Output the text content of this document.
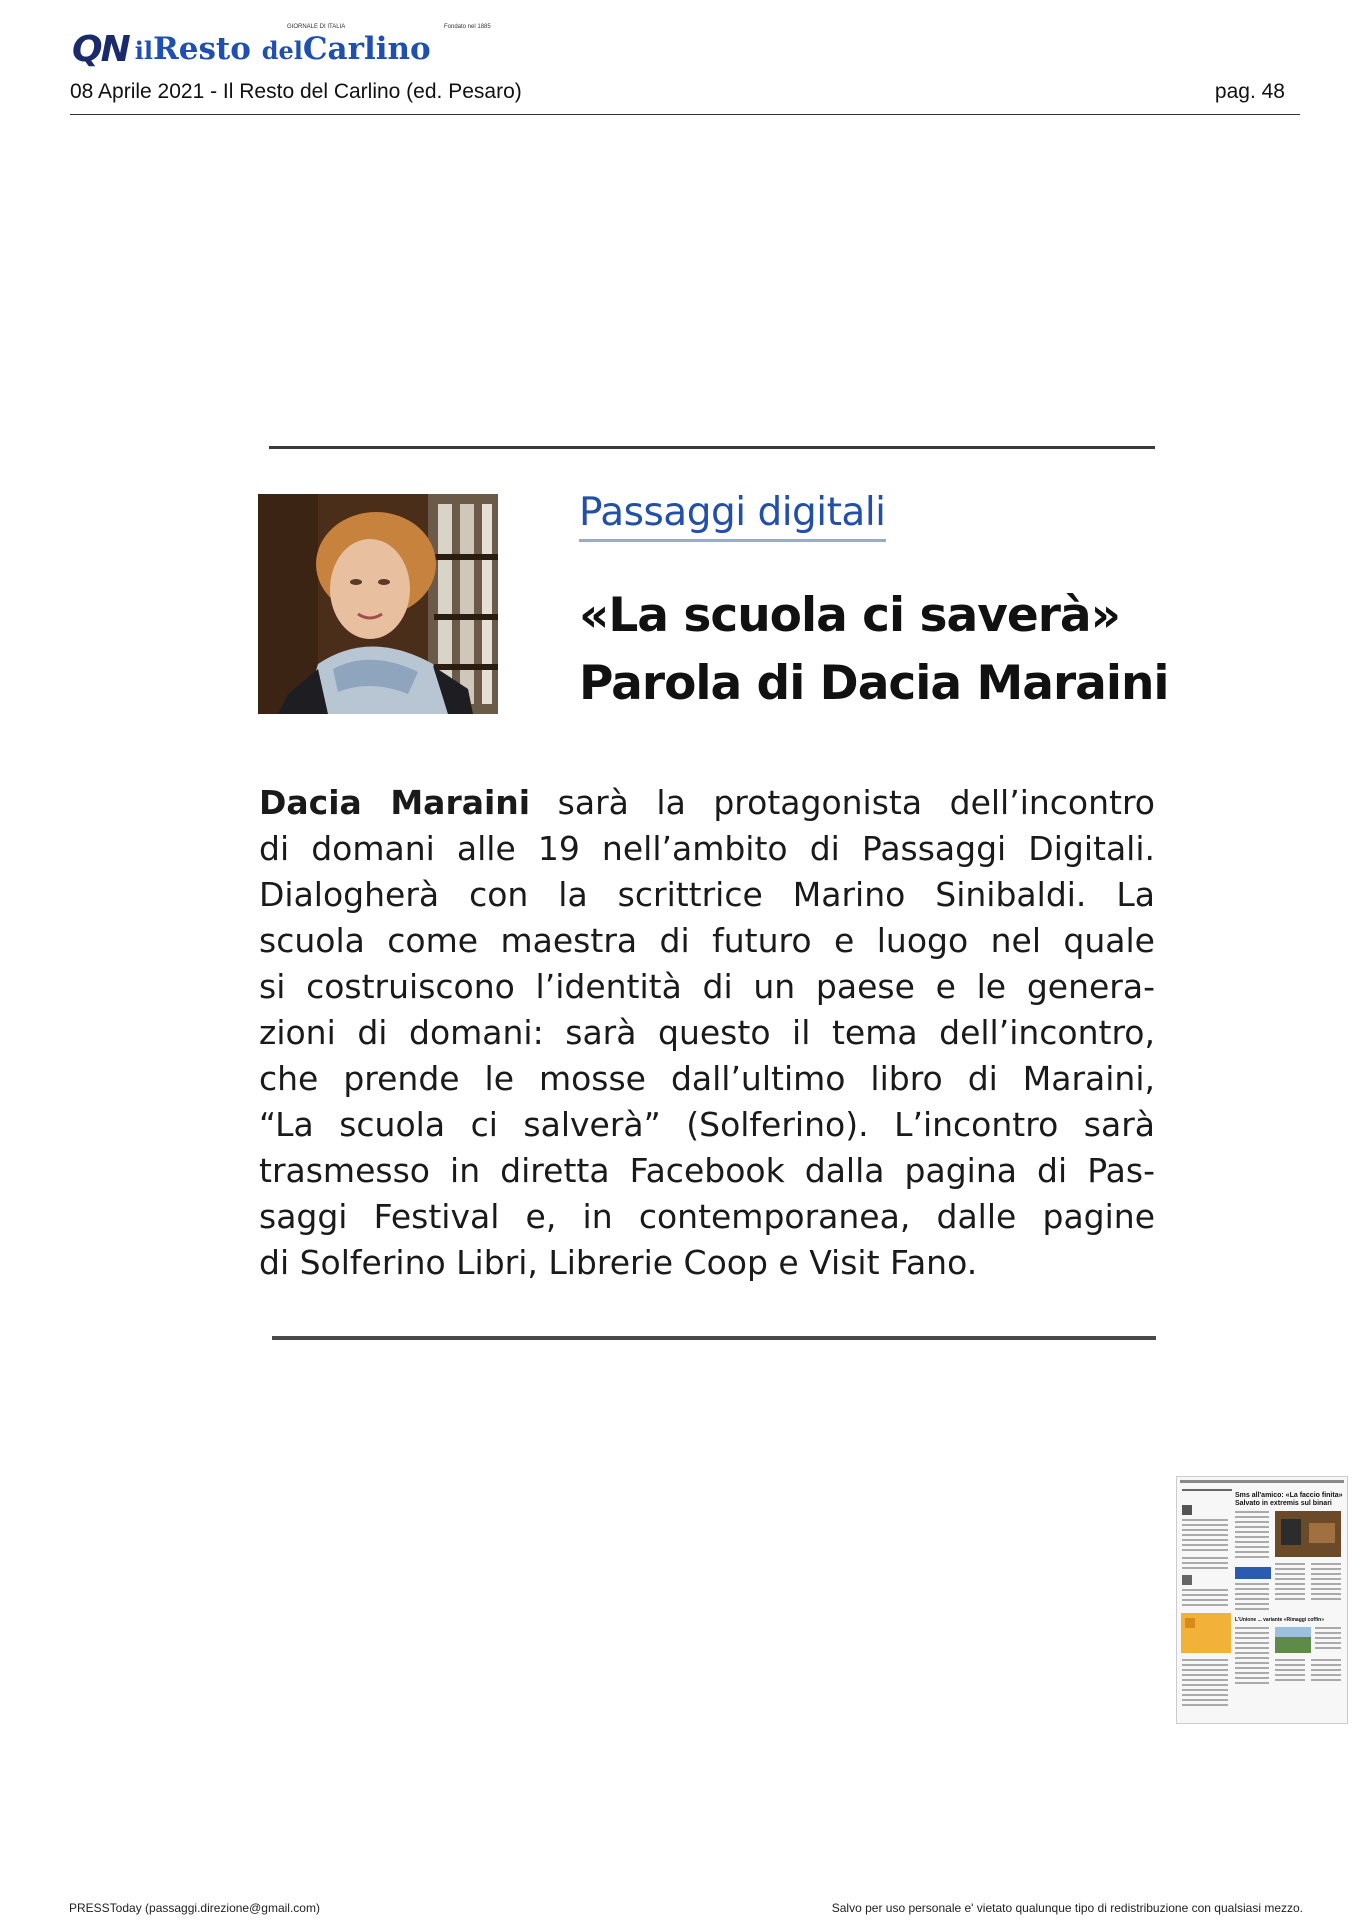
QN ilResto delCarlino
GIORNALE DI ITALIA	Fondato nel 1885
08 Aprile 2021 - Il Resto del Carlino (ed. Pesaro)	pag. 48
Passaggi digitali
«La scuola ci saverà»
Parola di Dacia Maraini
Dacia Maraini sarà la protagonista dell’incontro
di domani alle 19 nell’ambito di Passaggi Digitali.
Dialogherà con la scrittrice Marino Sinibaldi. La
scuola come maestra di futuro e luogo nel quale
si costruiscono l’identità di un paese e le genera-
zioni di domani: sarà questo il tema dell’incontro,
che prende le mosse dall’ultimo libro di Maraini,
“La scuola ci salverà” (Solferino). L’incontro sarà
trasmesso in diretta Facebook dalla pagina di Pas-
saggi Festival e, in contemporanea, dalle pagine
di Solferino Libri, Librerie Coop e Visit Fano.
Sms all'amico: «La faccio finita»
Salvato in extremis sul binari
L'Unione ... variante «Rimaggi coffin»
PRESSToday (passaggi.direzione@gmail.com)	Salvo per uso personale e' vietato qualunque tipo di redistribuzione con qualsiasi mezzo.
